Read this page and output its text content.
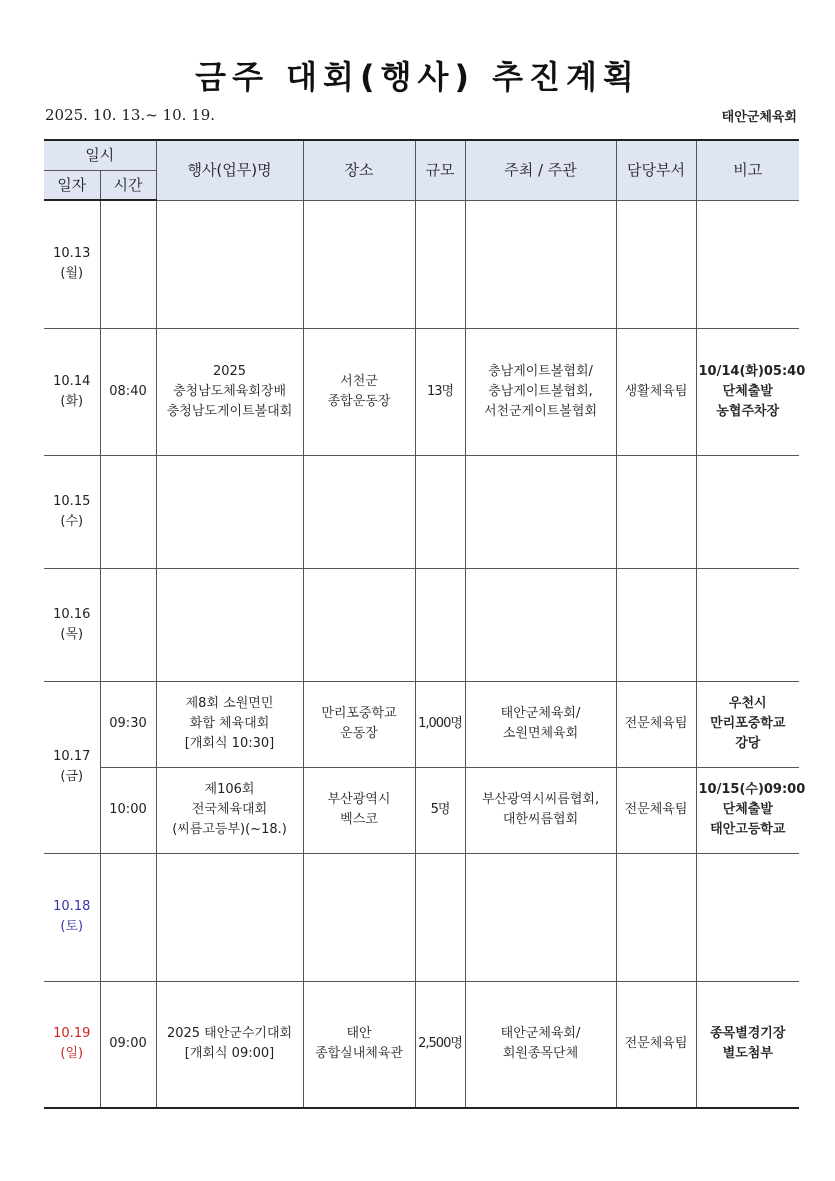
금주 대회(행사) 추진계획
2025. 10. 13.~ 10. 19.	태안군체육회
일시		행사(업무)명	장소	규모	주최 / 주관	담당부서	비고
일자	시간						

10.13
(월)							

10.14
(화)	08:40	2025
충청남도체육회장배
충청남도게이트볼대회	서천군
종합운동장	13명	충남게이트볼협회/
충남게이트볼협회,
서천군게이트볼협회	생활체육팀	10/14(화)05:40
단체출발
농협주차장

10.15
(수)							

10.16
(목)							

10.17
(금)	09:30	제8회 소원면민
화합 체육대회
[개회식 10:30]	만리포중학교
운동장	1,000명	태안군체육회/
소원면체육회	전문체육팀	우천시
만리포중학교
강당

	10:00	제106회
전국체육대회
(씨름고등부)(~18.)	부산광역시
벡스코	5명	부산광역시씨름협회,
대한씨름협회	전문체육팀	10/15(수)09:00
단체출발
태안고등학교

10.18
(토)							

10.19
(일)	09:00	2025 태안군수기대회
[개회식 09:00]	태안
종합실내체육관	2,500명	태안군체육회/
회원종목단체	전문체육팀	종목별경기장
별도첨부
